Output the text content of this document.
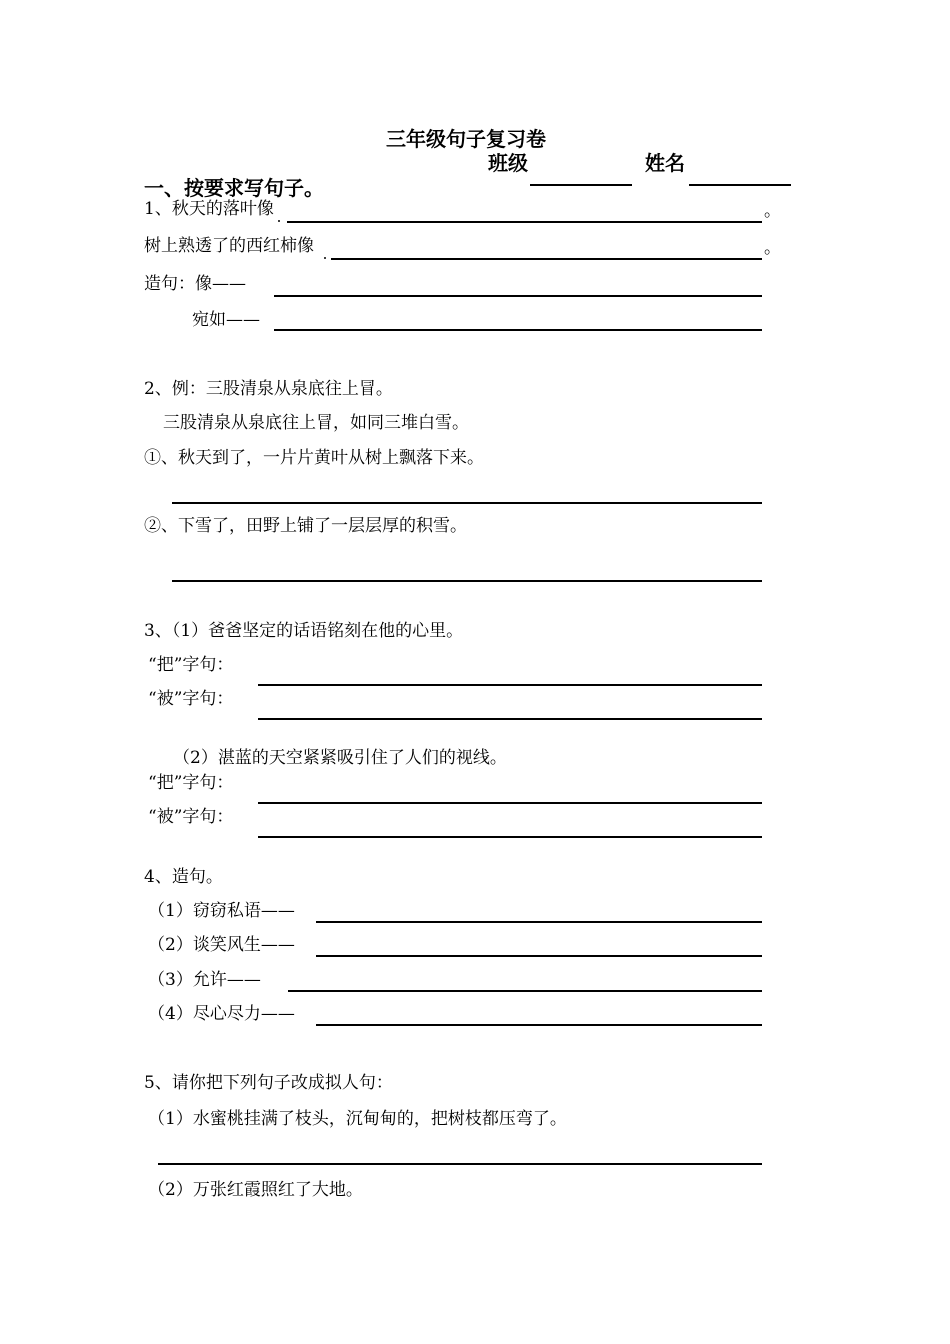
三年级句子复习卷
班级	姓名
一、按要求写句子。
1、秋天的落叶像	。
树上熟透了的西红柿像	。
造句：像——
宛如——
2、例：三股清泉从泉底往上冒。
三股清泉从泉底往上冒，如同三堆白雪。
①、秋天到了，一片片黄叶从树上飘落下来。
②、下雪了，田野上铺了一层层厚的积雪。
3、（1）爸爸坚定的话语铭刻在他的心里。
“把”字句：
“被”字句：
（2）湛蓝的天空紧紧吸引住了人们的视线。
“把”字句：
“被”字句：
4、造句。
（1）窃窃私语——
（2）谈笑风生——
（3）允许——
（4）尽心尽力——
5、请你把下列句子改成拟人句：
（1）水蜜桃挂满了枝头，沉甸甸的，把树枝都压弯了。
（2）万张红霞照红了大地。
